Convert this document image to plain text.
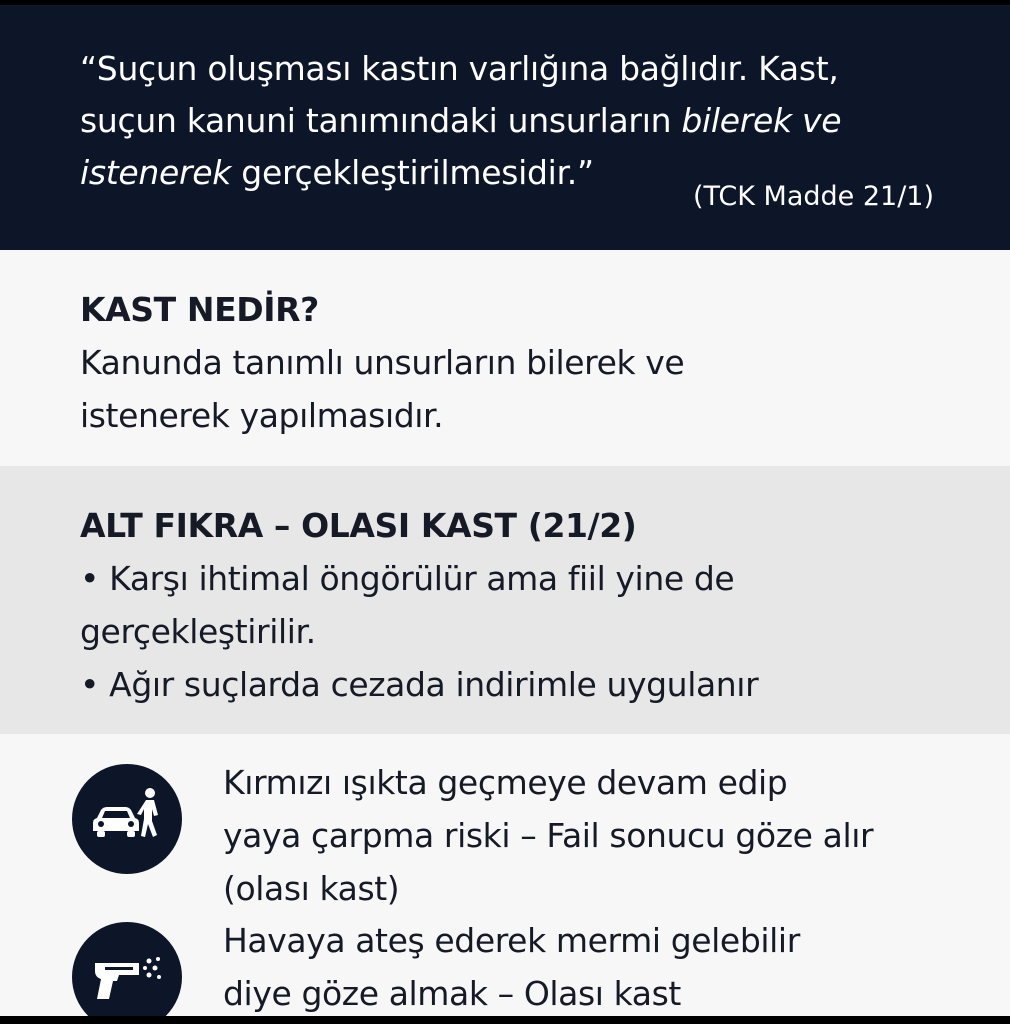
“Suçun oluşması kastın varlığına bağlıdır. Kast,
suçun kanuni tanımındaki unsurların bilerek ve
istenerek gerçekleştirilmesidir.”
(TCK Madde 21/1)
KAST NEDİR?
Kanunda tanımlı unsurların bilerek ve
istenerek yapılmasıdır.
ALT FIKRA – OLASI KAST (21/2)
• Karşı ihtimal öngörülür ama fiil yine de gerçekleştirilir.
• Ağır suçlarda cezada indirimle uygulanır
Kırmızı ışıkta geçmeye devam edip
yaya çarpma riski – Fail sonucu göze alır
(olası kast)
Havaya ateş ederek mermi gelebilir
diye göze almak – Olası kast
